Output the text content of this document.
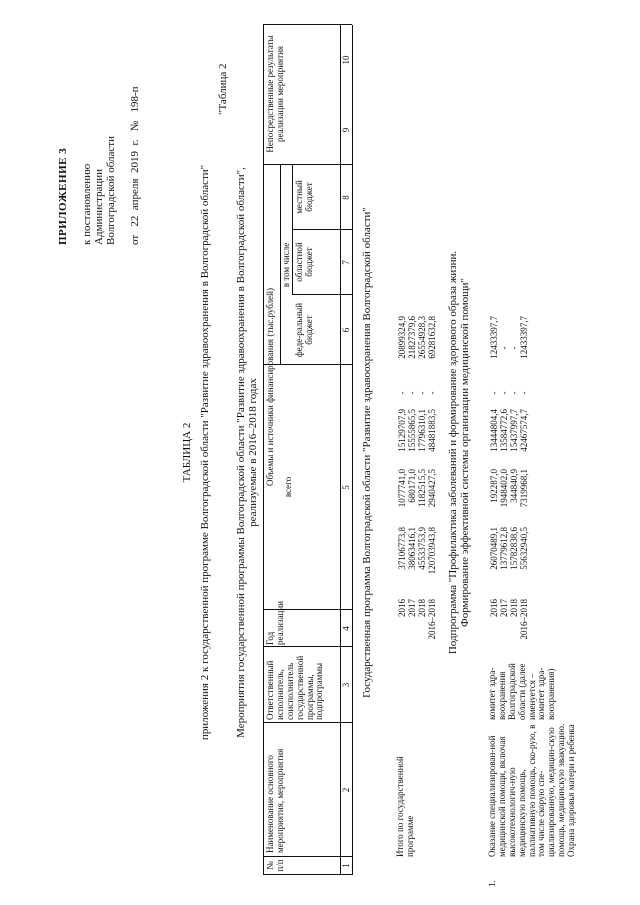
ПРИЛОЖЕНИЕ 3 к постановлению Администрации Волгоградской области от   22  апреля  2019  г.   №   198-п
ТАБЛИЦА 2 приложения 2 к государственной программе Волгоградской области "Развитие здравоохранения в Волгоградской области"
"Таблица 2
Мероприятия государственной программы Волгоградской области "Развитие здравоохранения в Волгоградской области", реализуемые в 2016–2018 годах
№ п/п
Наименование основного мероприятия, мероприятия
Ответственный исполнитель, соисполнитель государственной программы, подпрограммы
Год реализации
Объемы и источники финансирования (тыс.рублей)
всего
в том числе
феде-ральный бюджет
областной бюджет
местный бюджет
Непосредственные результаты реализации мероприятия
1
2
3
4
5
6
7
8
9
10
Государственная программа Волгоградской области "Развитие здравоохранения Волгоградской области"
Итого по государственной программе
2016 2017 2018 2016–2018
37106773,8 38063416,1 45533753,9 120703943,8
1077741,0 680171,0 1182515,5 2940427,5
15129707,9 15555865,5 17796310,1 48481883,5
- - - -
20899324,9 21827379,6 26554928,3 69281632,8 Подпрограмма "Профилактика заболеваний и формирование здорового образа жизни. Формирование эффективной системы организации медицинской помощи"
1.
Оказание специализирован-ной медицинской помощи, включая высокотехнологич-ную медицинскую помощь, паллиативную помощь, ско-рую, в том числе скорую спе-циализированную, медицин-скую помощь, медицинскую эвакуацию. Охрана здоровья матери и ребенка
комитет здра-воохранения Волгоградской области (далее именуется – комитет здра-воохранения)
2016 2017 2018 2016–2018
26070489,1 13779612,8 15782838,6 55632940,5
192287,0 1948402,0 344840,9 7319968,1
13444804,4 13584772,6 15437997,7 42467574,7
- - - -
12433397,7 - - 12433397,7
